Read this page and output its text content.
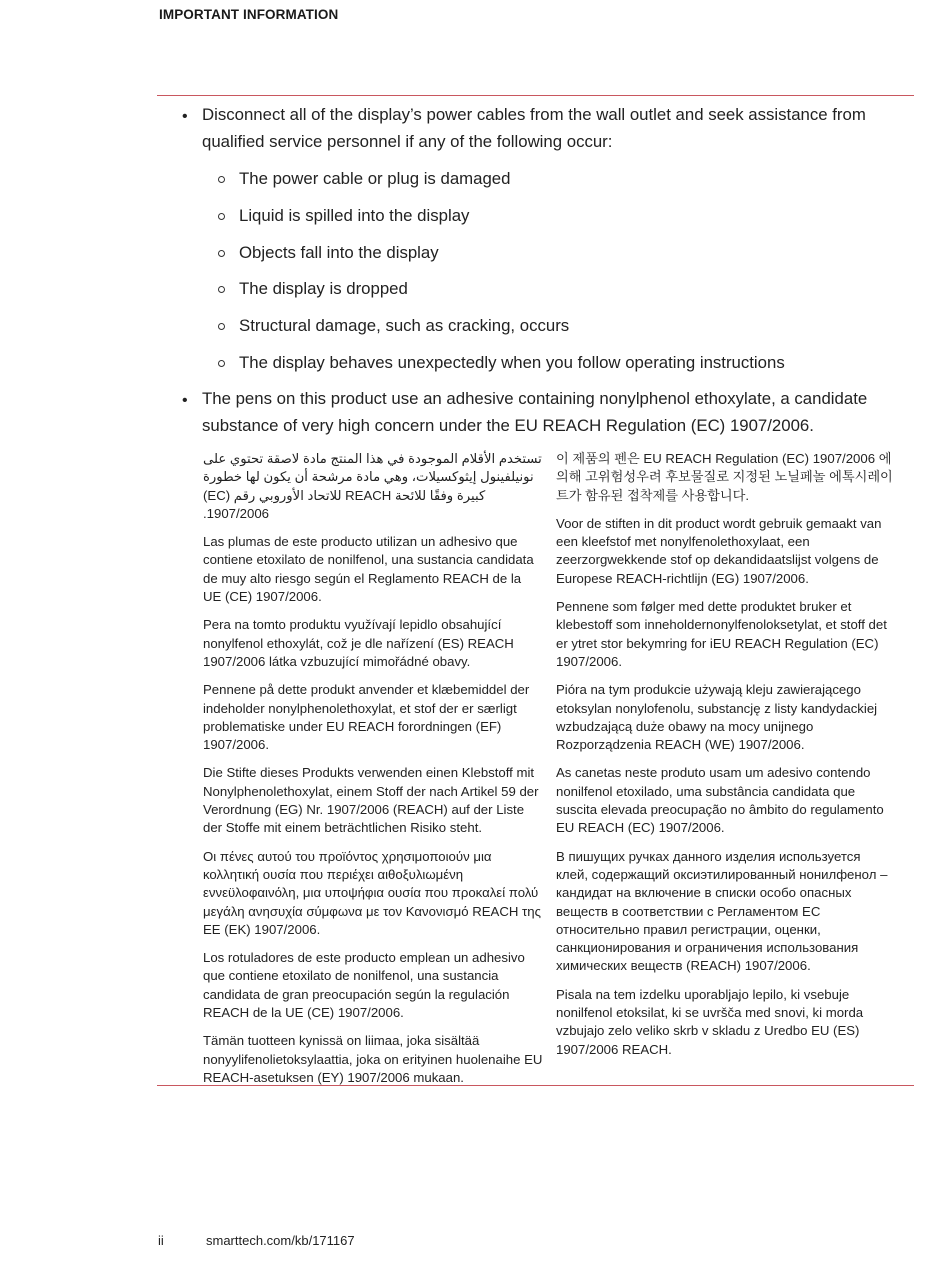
IMPORTANT INFORMATION
• Disconnect all of the display’s power cables from the wall outlet and seek assistance from qualified service personnel if any of the following occur:
The power cable or plug is damaged
Liquid is spilled into the display
Objects fall into the display
The display is dropped
Structural damage, such as cracking, occurs
The display behaves unexpectedly when you follow operating instructions
• The pens on this product use an adhesive containing nonylphenol ethoxylate, a candidate substance of very high concern under the EU REACH Regulation (EC) 1907/2006.

تستخدم الأقلام الموجودة في هذا المنتج مادة لاصقة تحتوي على نونيلفينول إيثوكسيلات، وهي مادة مرشحة أن يكون لها خطورة كبيرة وفقًا للائحة REACH للاتحاد الأوروبي رقم (EC) 1907/2006.

Las plumas de este producto utilizan un adhesivo que contiene etoxilato de nonilfenol, una sustancia candidata de muy alto riesgo según el Reglamento REACH de la UE (CE) 1907/2006.

Pera na tomto produktu využívají lepidlo obsahující nonylfenol ethoxylát, což je dle nařízení (ES) REACH 1907/2006 látka vzbuzující mimořádné obavy.

Pennene på dette produkt anvender et klæbemiddel der indeholder nonylphenolethoxylat, et stof der er særligt problematiske under EU REACH forordningen (EF) 1907/2006.

Die Stifte dieses Produkts verwenden einen Klebstoff mit Nonylphenolethoxylat, einem Stoff der nach Artikel 59 der Verordnung (EG) Nr. 1907/2006 (REACH) auf der Liste der Stoffe mit einem beträchtlichen Risiko steht.

Οι πένες αυτού του προϊόντος χρησιμοποιούν μια κολλητική ουσία που περιέχει αιθοξυλιωμένη εννεϋλοφαινόλη, μια υποψήφια ουσία που προκαλεί πολύ μεγάλη ανησυχία σύμφωνα με τον Κανονισμό REACH της ΕΕ (ΕΚ) 1907/2006.

Los rotuladores de este producto emplean un adhesivo que contiene etoxilato de nonilfenol, una sustancia candidata de gran preocupación según la regulación REACH de la UE (CE) 1907/2006.

Tämän tuotteen kynissä on liimaa, joka sisältää nonyylifenolietoksylaattia, joka on erityinen huolenaihe EU REACH-asetuksen (EY) 1907/2006 mukaan.

이 제품의 펜은 EU REACH Regulation (EC) 1907/2006 에 의해 고위험성우려 후보물질로 지정된 노닐페놀 에톡시레이트가 함유된 접착제를 사용합니다.

Voor de stiften in dit product wordt gebruik gemaakt van een kleefstof met nonylfenolethoxylaat, een zeerzorgwekkende stof op dekandidaatslijst volgens de Europese REACH-richtlijn (EG) 1907/2006.

Pennene som følger med dette produktet bruker et klebestoff som inneholdernonylfenoloksetylat, et stoff det er ytret stor bekymring for iEU REACH Regulation (EC) 1907/2006.

Pióra na tym produkcie używają kleju zawierającego etoksylan nonylofenolu, substancję z listy kandydackiej wzbudzającą duże obawy na mocy unijnego Rozporządzenia REACH (WE) 1907/2006.

As canetas neste produto usam um adesivo contendo nonilfenol etoxilado, uma substância candidata que suscita elevada preocupação no âmbito do regulamento EU REACH (EC) 1907/2006.

В пишущих ручках данного изделия используется клей, содержащий оксиэтилированный нонилфенол – кандидат на включение в списки особо опасных веществ в соответствии с Регламентом ЕС относительно правил регистрации, оценки, санкционирования и ограничения использования химических веществ (REACH) 1907/2006.

Pisala na tem izdelku uporabljajo lepilo, ki vsebuje nonilfenol etoksilat, ki se uvršča med snovi, ki morda vzbujajo zelo veliko skrb v skladu z Uredbo EU (ES) 1907/2006 REACH.

ii	smarttech.com/kb/171167
